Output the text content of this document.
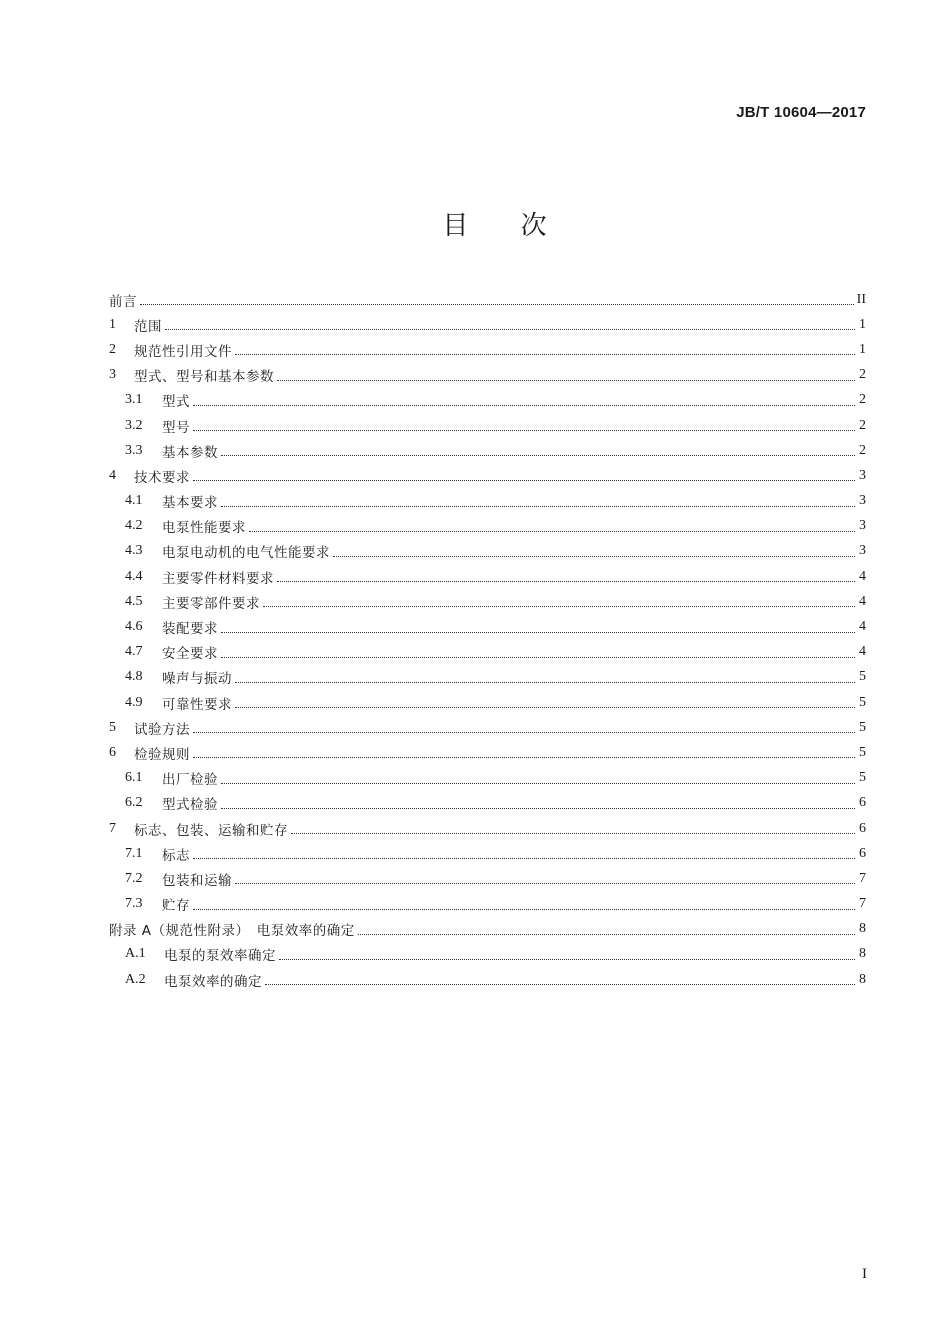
JB/T 10604—2017
目 次
前言	II
1	范围	1
2	规范性引用文件	1
3	型式、型号和基本参数	2
3.1	型式	2
3.2	型号	2
3.3	基本参数	2
4	技术要求	3
4.1	基本要求	3
4.2	电泵性能要求	3
4.3	电泵电动机的电气性能要求	3
4.4	主要零件材料要求	4
4.5	主要零部件要求	4
4.6	装配要求	4
4.7	安全要求	4
4.8	噪声与振动	5
4.9	可靠性要求	5
5	试验方法	5
6	检验规则	5
6.1	出厂检验	5
6.2	型式检验	6
7	标志、包装、运输和贮存	6
7.1	标志	6
7.2	包装和运输	7
7.3	贮存	7
附录 A（规范性附录）　电泵效率的确定	8
A.1	电泵的泵效率确定	8
A.2	电泵效率的确定	8
I
